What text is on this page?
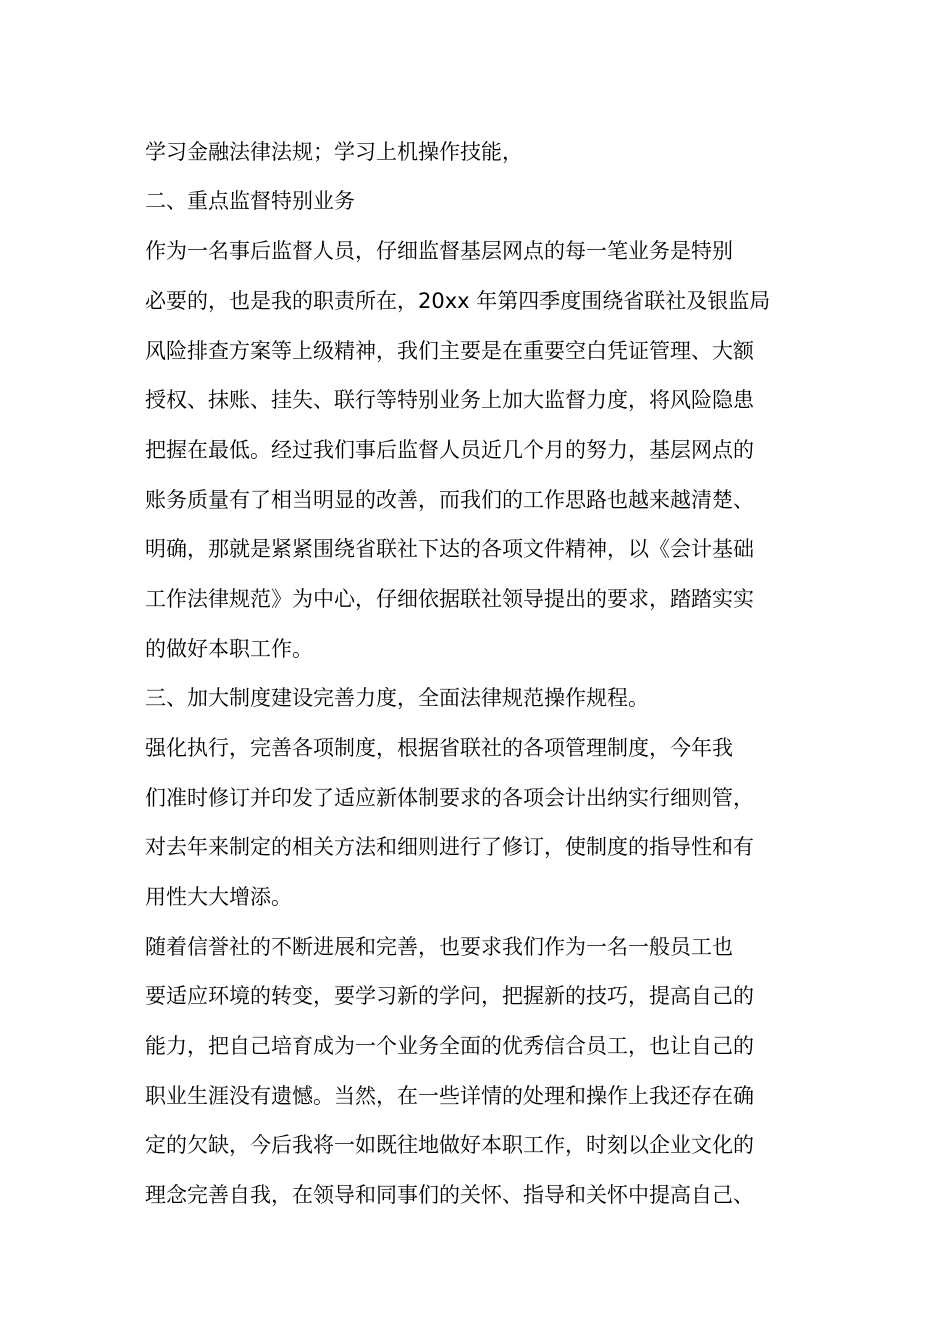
学习金融法律法规；学习上机操作技能，
二、重点监督特别业务
作为一名事后监督人员，仔细监督基层网点的每一笔业务是特别
必要的，也是我的职责所在，20xx 年第四季度围绕省联社及银监局
风险排查方案等上级精神，我们主要是在重要空白凭证管理、大额
授权、抹账、挂失、联行等特别业务上加大监督力度，将风险隐患
把握在最低。经过我们事后监督人员近几个月的努力，基层网点的
账务质量有了相当明显的改善，而我们的工作思路也越来越清楚、
明确，那就是紧紧围绕省联社下达的各项文件精神，以《会计基础
工作法律规范》为中心，仔细依据联社领导提出的要求，踏踏实实
的做好本职工作。
三、加大制度建设完善力度，全面法律规范操作规程。
强化执行，完善各项制度，根据省联社的各项管理制度，今年我
们准时修订并印发了适应新体制要求的各项会计出纳实行细则管，
对去年来制定的相关方法和细则进行了修订，使制度的指导性和有
用性大大增添。
随着信誉社的不断进展和完善，也要求我们作为一名一般员工也
要适应环境的转变，要学习新的学问，把握新的技巧，提高自己的
能力，把自己培育成为一个业务全面的优秀信合员工，也让自己的
职业生涯没有遗憾。当然，在一些详情的处理和操作上我还存在确
定的欠缺，今后我将一如既往地做好本职工作，时刻以企业文化的
理念完善自我，在领导和同事们的关怀、指导和关怀中提高自己、
